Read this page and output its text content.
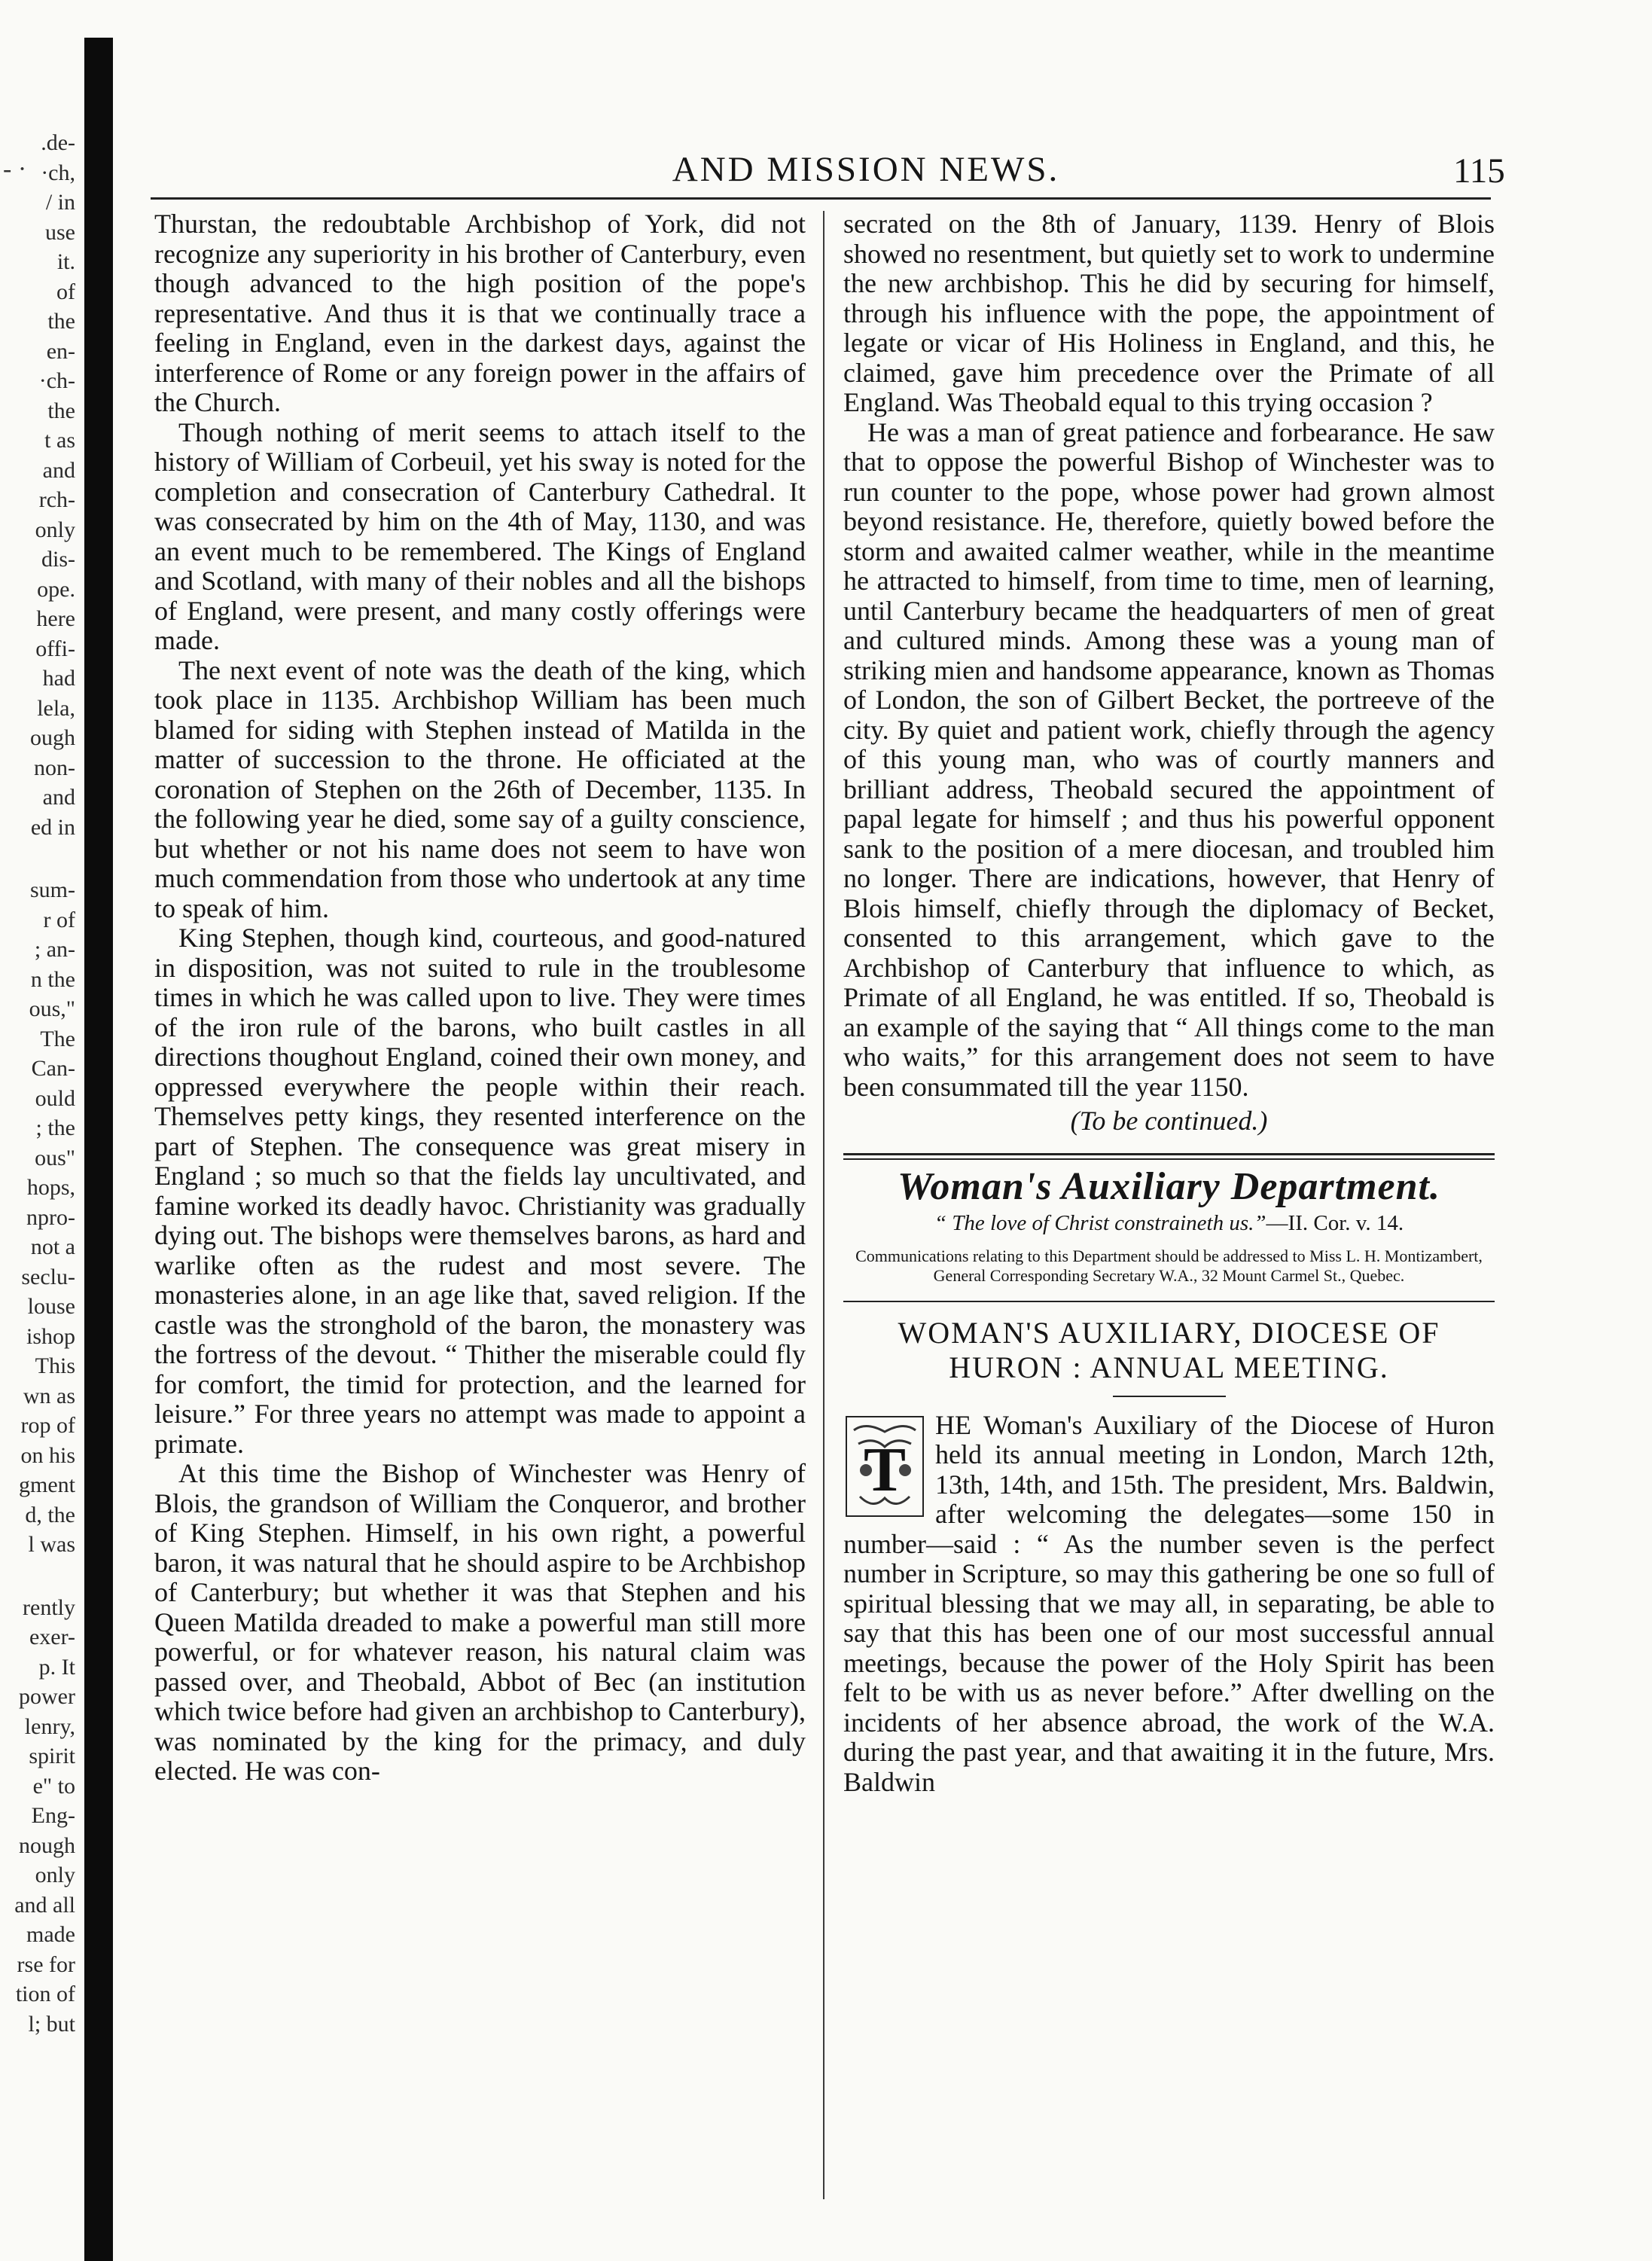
- ·
.de-
·ch,
/ in
use
it.
of
the
en-
·ch-
the
t as
and
rch-
only
dis-
ope.
here
offi-
had
lela,
ough
non-
and
ed in
sum-
r of
; an-
n the
ous,"
The
Can-
ould
; the
ous"
hops,
npro-
not a
seclu-
louse
ishop
This
wn as
rop of
on his
gment
d, the
l was
rently
exer-
p. It
power
lenry,
spirit
e" to
Eng-
nough
only
and all
made
rse for
tion of
l; but
AND MISSION NEWS.	115

Thurstan, the redoubtable Archbishop of York, did not recognize any superiority in his brother of Canterbury, even though advanced to the high position of the pope's representative. And thus it is that we continually trace a feeling in England, even in the darkest days, against the interference of Rome or any foreign power in the affairs of the Church.

Though nothing of merit seems to attach itself to the history of William of Corbeuil, yet his sway is noted for the completion and consecration of Canterbury Cathedral. It was consecrated by him on the 4th of May, 1130, and was an event much to be remembered. The Kings of England and Scotland, with many of their nobles and all the bishops of England, were present, and many costly offerings were made.

The next event of note was the death of the king, which took place in 1135. Archbishop William has been much blamed for siding with Stephen instead of Matilda in the matter of succession to the throne. He officiated at the coronation of Stephen on the 26th of December, 1135. In the following year he died, some say of a guilty conscience, but whether or not his name does not seem to have won much commendation from those who undertook at any time to speak of him.

King Stephen, though kind, courteous, and good-natured in disposition, was not suited to rule in the troublesome times in which he was called upon to live. They were times of the iron rule of the barons, who built castles in all directions thoughout England, coined their own money, and oppressed everywhere the people within their reach. Themselves petty kings, they resented interference on the part of Stephen. The consequence was great misery in England ; so much so that the fields lay uncultivated, and famine worked its deadly havoc. Christianity was gradually dying out. The bishops were themselves barons, as hard and warlike often as the rudest and most severe. The monasteries alone, in an age like that, saved religion. If the castle was the stronghold of the baron, the monastery was the fortress of the devout. “ Thither the miserable could fly for comfort, the timid for protection, and the learned for leisure.” For three years no attempt was made to appoint a primate.

At this time the Bishop of Winchester was Henry of Blois, the grandson of William the Conqueror, and brother of King Stephen. Himself, in his own right, a powerful baron, it was natural that he should aspire to be Archbishop of Canterbury; but whether it was that Stephen and his Queen Matilda dreaded to make a powerful man still more powerful, or for whatever reason, his natural claim was passed over, and Theobald, Abbot of Bec (an institution which twice before had given an archbishop to Canterbury), was nominated by the king for the primacy, and duly elected. He was con-

secrated on the 8th of January, 1139. Henry of Blois showed no resentment, but quietly set to work to undermine the new archbishop. This he did by securing for himself, through his influence with the pope, the appointment of legate or vicar of His Holiness in England, and this, he claimed, gave him precedence over the Primate of all England. Was Theobald equal to this trying occasion ?

He was a man of great patience and forbearance. He saw that to oppose the powerful Bishop of Winchester was to run counter to the pope, whose power had grown almost beyond resistance. He, therefore, quietly bowed before the storm and awaited calmer weather, while in the meantime he attracted to himself, from time to time, men of learning, until Canterbury became the headquarters of men of great and cultured minds. Among these was a young man of striking mien and handsome appearance, known as Thomas of London, the son of Gilbert Becket, the portreeve of the city. By quiet and patient work, chiefly through the agency of this young man, who was of courtly manners and brilliant address, Theobald secured the appointment of papal legate for himself ; and thus his powerful opponent sank to the position of a mere diocesan, and troubled him no longer. There are indications, however, that Henry of Blois himself, chiefly through the diplomacy of Becket, consented to this arrangement, which gave to the Archbishop of Canterbury that influence to which, as Primate of all England, he was entitled. If so, Theobald is an example of the saying that “ All things come to the man who waits,” for this arrangement does not seem to have been consummated till the year 1150.

(To be continued.)

Woman's Auxiliary Department.
“ The love of Christ constraineth us.”—II. Cor. v. 14.
Communications relating to this Department should be addressed to Miss L. H. Montizambert, General Corresponding Secretary W.A., 32 Mount Carmel St., Quebec.
WOMAN'S AUXILIARY, DIOCESE OF HURON : ANNUAL MEETING.

T
HE Woman's Auxiliary of the Diocese of Huron held its annual meeting in London, March 12th, 13th, 14th, and 15th. The president, Mrs. Baldwin, after welcoming the delegates—some 150 in number—said : “ As the number seven is the perfect number in Scripture, so may this gathering be one so full of spiritual blessing that we may all, in separating, be able to say that this has been one of our most successful annual meetings, because the power of the Holy Spirit has been felt to be with us as never before.” After dwelling on the incidents of her absence abroad, the work of the W.A. during the past year, and that awaiting it in the future, Mrs. Baldwin
